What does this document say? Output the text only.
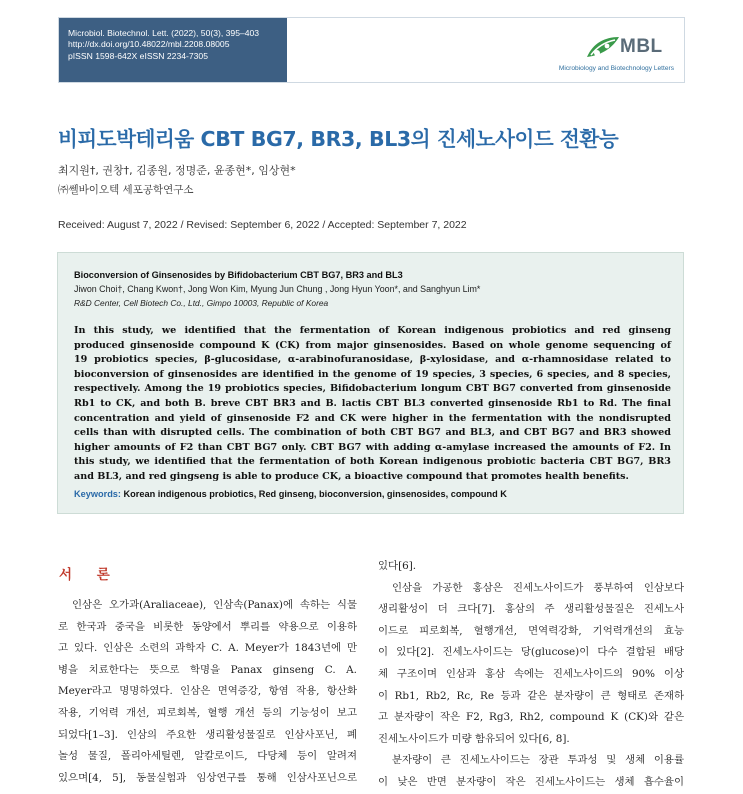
Microbiol. Biotechnol. Lett. (2022), 50(3), 395–403
http://dx.doi.org/10.48022/mbl.2208.08005
pISSN 1598-642X eISSN 2234-7305	MBL
Microbiology and Biotechnology Letters
비피도박테리움 CBT BG7, BR3, BL3의 진세노사이드 전환능
최지원†, 권창†, 김종원, 정명준, 윤종현*, 임상현*
㈜쎌바이오텍 세포공학연구소
Received: August 7, 2022 / Revised: September 6, 2022 / Accepted: September 7, 2022
Bioconversion of Ginsenosides by Bifidobacterium CBT BG7, BR3 and BL3
Jiwon Choi†, Chang Kwon†, Jong Won Kim, Myung Jun Chung , Jong Hyun Yoon*, and Sanghyun Lim*
R&D Center, Cell Biotech Co., Ltd., Gimpo 10003, Republic of Korea
In this study, we identified that the fermentation of Korean indigenous probiotics and red ginseng
produced ginsenoside compound K (CK) from major ginsenosides. Based on whole genome sequencing of
19 probiotics species, β-glucosidase, α-arabinofuranosidase, β-xylosidase, and α-rhamnosidase related to
bioconversion of ginsenosides are identified in the genome of 19 species, 3 species, 6 species, and 8 species,
respectively. Among the 19 probiotics species, Bifidobacterium longum CBT BG7 converted from ginsenoside
Rb1 to CK, and both B. breve CBT BR3 and B. lactis CBT BL3 converted ginsenoside Rb1 to Rd. The final
concentration and yield of ginsenoside F2 and CK were higher in the fermentation with the nondisrupted
cells than with disrupted cells. The combination of both CBT BG7 and BL3, and CBT BG7 and BR3 showed
higher amounts of F2 than CBT BG7 only. CBT BG7 with adding α-amylase increased the amounts of F2. In
this study, we identified that the fermentation of both Korean indigenous probiotic bacteria CBT BG7, BR3
and BL3, and red gingseng is able to produce CK, a bioactive compound that promotes health benefits.
Keywords: Korean indigenous probiotics, Red ginseng, bioconversion, ginsenosides, compound K
서 론
인삼은 오가과(Araliaceae), 인삼속(Panax)에 속하는 식물
로 한국과 중국을 비롯한 동양에서 뿌리를 약용으로 이용하
고 있다. 인삼은 소련의 과학자 C. A. Meyer가 1843년에 만
병을 치료한다는 뜻으로 학명을 Panax ginseng C. A.
Meyer라고 명명하였다. 인삼은 면역증강, 항염 작용, 항산화
작용, 기억력 개선, 피로회복, 혈행 개선 등의 기능성이 보고
되었다[1–3]. 인삼의 주요한 생리활성물질로 인삼사포닌, 폐
놀성 물질, 폴리아세틸렌, 알칼로이드, 다당체 등이 알려져
있으며[4, 5], 동물실험과 임상연구를 통해 인삼사포닌으로
있다[6].
인삼을 가공한 홍삼은 진세노사이드가 풍부하여 인삼보다
생리활성이 더 크다[7]. 홍삼의 주 생리활성물질은 진세노사
이드로 피로회복, 혈행개선, 면역력강화, 기억력개선의 효능
이 있다[2]. 진세노사이드는 당(glucose)이 다수 결합된 배당
체 구조이며 인삼과 홍삼 속에는 진세노사이드의 90% 이상
이 Rb1, Rb2, Rc, Re 등과 같은 분자량이 큰 형태로 존재하
고 분자량이 작은 F2, Rg3, Rh2, compound K (CK)와 같은
진세노사이드가 미량 함유되어 있다[6, 8].
분자량이 큰 진세노사이드는 장관 투과성 및 생체 이용률
이 낮은 반면 분자량이 작은 진세노사이드는 생체 흡수율이
